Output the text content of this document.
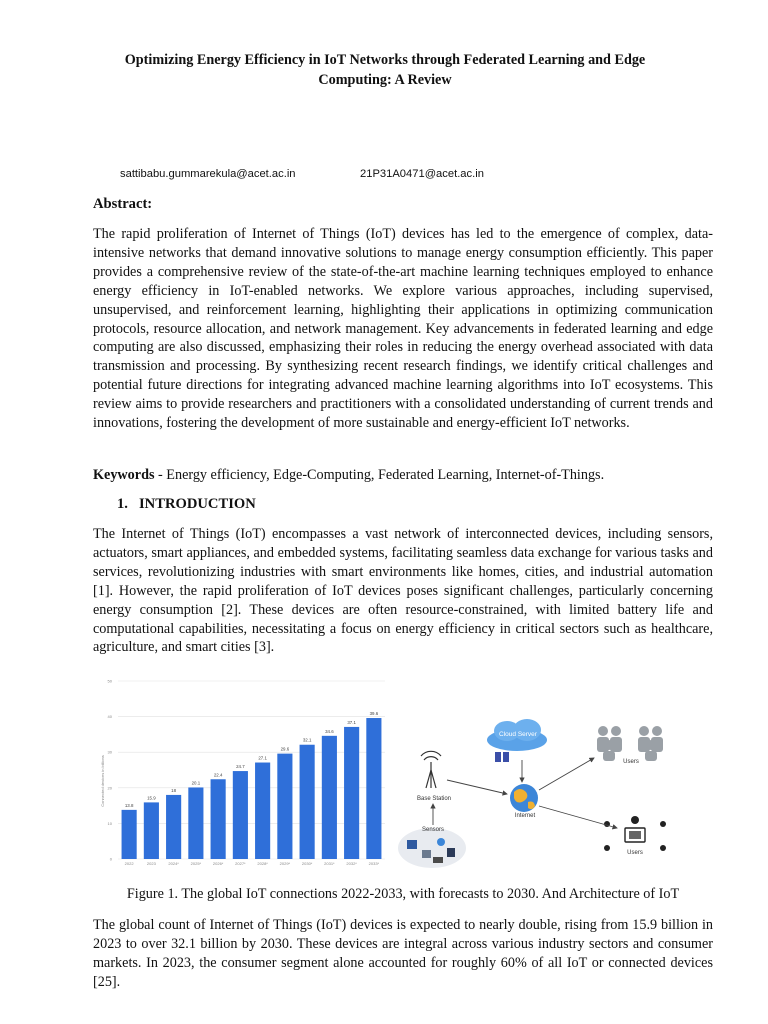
Optimizing Energy Efficiency in IoT Networks through Federated Learning and Edge
Computing: A Review
sattibabu.gummarekula@acet.ac.in	21P31A0471@acet.ac.in
Abstract:
The rapid proliferation of Internet of Things (IoT) devices has led to the emergence of complex, data-intensive networks that demand innovative solutions to manage energy consumption efficiently. This paper provides a comprehensive review of the state-of-the-art machine learning techniques employed to enhance energy efficiency in IoT-enabled networks. We explore various approaches, including supervised, unsupervised, and reinforcement learning, highlighting their applications in optimizing communication protocols, resource allocation, and network management. Key advancements in federated learning and edge computing are also discussed, emphasizing their roles in reducing the energy overhead associated with data transmission and processing. By synthesizing recent research findings, we identify critical challenges and potential future directions for integrating advanced machine learning algorithms into IoT ecosystems. This review aims to provide researchers and practitioners with a consolidated understanding of current trends and innovations, fostering the development of more sustainable and energy-efficient IoT networks.
Keywords - Energy efficiency, Edge-Computing, Federated Learning, Internet-of-Things.
1. INTRODUCTION
The Internet of Things (IoT) encompasses a vast network of interconnected devices, including sensors, actuators, smart appliances, and embedded systems, facilitating seamless data exchange for various tasks and services, revolutionizing industries with smart environments like homes, cities, and industrial automation [1]. However, the rapid proliferation of IoT devices poses significant challenges, particularly concerning energy consumption [2]. These devices are often resource-constrained, with limited battery life and computational capabilities, necessitating a focus on energy efficiency in critical sectors such as healthcare, agriculture, and smart cities [3].
0
10
20
30
40
50
13.8
2022
15.9
2023
18
2024*
20.1
2025*
22.4
2026*
24.7
2027*
27.1
2028*
29.6
2029*
32.1
2030*
34.6
2031*
37.1
2032*
39.6
2033*
Connected devices in billions
Cloud Server
Users
Base Station
Internet
Sensors
Users
Figure 1. The global IoT connections 2022-2033, with forecasts to 2030. And Architecture of IoT
The global count of Internet of Things (IoT) devices is expected to nearly double, rising from 15.9 billion in 2023 to over 32.1 billion by 2030. These devices are integral across various industry sectors and consumer markets. In 2023, the consumer segment alone accounted for roughly 60% of all IoT or connected devices [25].
